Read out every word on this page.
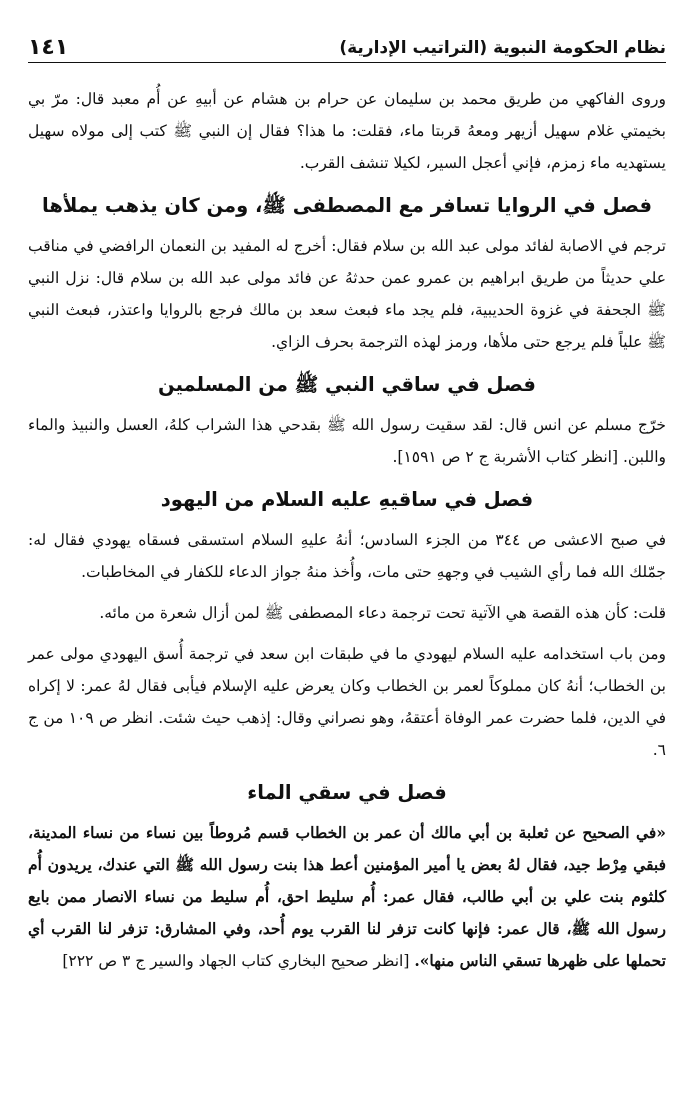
نظام الحكومة النبوية (التراتيب الإدارية)
١٤١

وروى الفاكهي من طريق محمد بن سليمان عن حرام بن هشام عن أبيهِ عن أُم معبد قال: مرّ بي بخيمتي غلام سهيل أزيهر ومعهُ قربتا ماء، فقلت: ما هذا؟ فقال إن النبي ﷺ كتب إلى مولاه سهيل يستهديه ماء زمزم، فإني أعجل السير، لكيلا تنشف القرب.

فصل في الروايا تسافر مع المصطفى ﷺ، ومن كان يذهب يملأها

ترجم في الاصابة لفائد مولى عبد الله بن سلام فقال: أخرج له المفيد بن النعمان الرافضي في مناقب علي حديثاً من طريق ابراهيم بن عمرو عمن حدثهُ عن فائد مولى عبد الله بن سلام قال: نزل النبي ﷺ الجحفة في غزوة الحديبية، فلم يجد ماء فبعث سعد بن مالك فرجع بالروايا واعتذر، فبعث النبي ﷺ علياً فلم يرجع حتى ملأها، ورمز لهذه الترجمة بحرف الزاي.

فصل في ساقي النبي ﷺ من المسلمين

خرّج مسلم عن انس قال: لقد سقيت رسول الله ﷺ بقدحي هذا الشراب كلهُ، العسل والنبيذ والماء واللبن. [انظر كتاب الأشربة ج ٢ ص ١٥٩١].

فصل في ساقيهِ عليه السلام من اليهود

في صبح الاعشى ص ٣٤٤ من الجزء السادس؛ أنهُ عليهِ السلام استسقى فسقاه يهودي فقال له: جمّلك الله فما رأي الشيب في وجههِ حتى مات، وأُخذ منهُ جواز الدعاء للكفار في المخاطبات.

قلت: كأن هذه القصة هي الآتية تحت ترجمة دعاء المصطفى ﷺ لمن أزال شعرة من مائه.

ومن باب استخدامه عليه السلام ليهودي ما في طبقات ابن سعد في ترجمة أُسق اليهودي مولى عمر بن الخطاب؛ أنهُ كان مملوكاً لعمر بن الخطاب وكان يعرض عليه الإسلام فيأبى فقال لهُ عمر: لا إكراه في الدين، فلما حضرت عمر الوفاة أعتقهُ، وهو نصراني وقال: إذهب حيث شئت. انظر ص ١٠٩ من ج ٦.

فصل في سقي الماء

«في الصحيح عن ثعلبة بن أبي مالك أن عمر بن الخطاب قسم مُروطاً بين نساء من نساء المدينة، فبقي مِرْط جيد، فقال لهُ بعض يا أمير المؤمنين أعط هذا بنت رسول الله ﷺ التي عندك، يريدون أُم كلثوم بنت علي بن أبي طالب، فقال عمر: أُم سليط احق، أُم سليط من نساء الانصار ممن بايع رسول الله ﷺ، قال عمر: فإنها كانت تزفر لنا القرب يوم أُحد، وفي المشارق: تزفر لنا القرب أي تحملها على ظهرها تسقي الناس منها». [انظر صحيح البخاري كتاب الجهاد والسير ج ٣ ص ٢٢٢]
